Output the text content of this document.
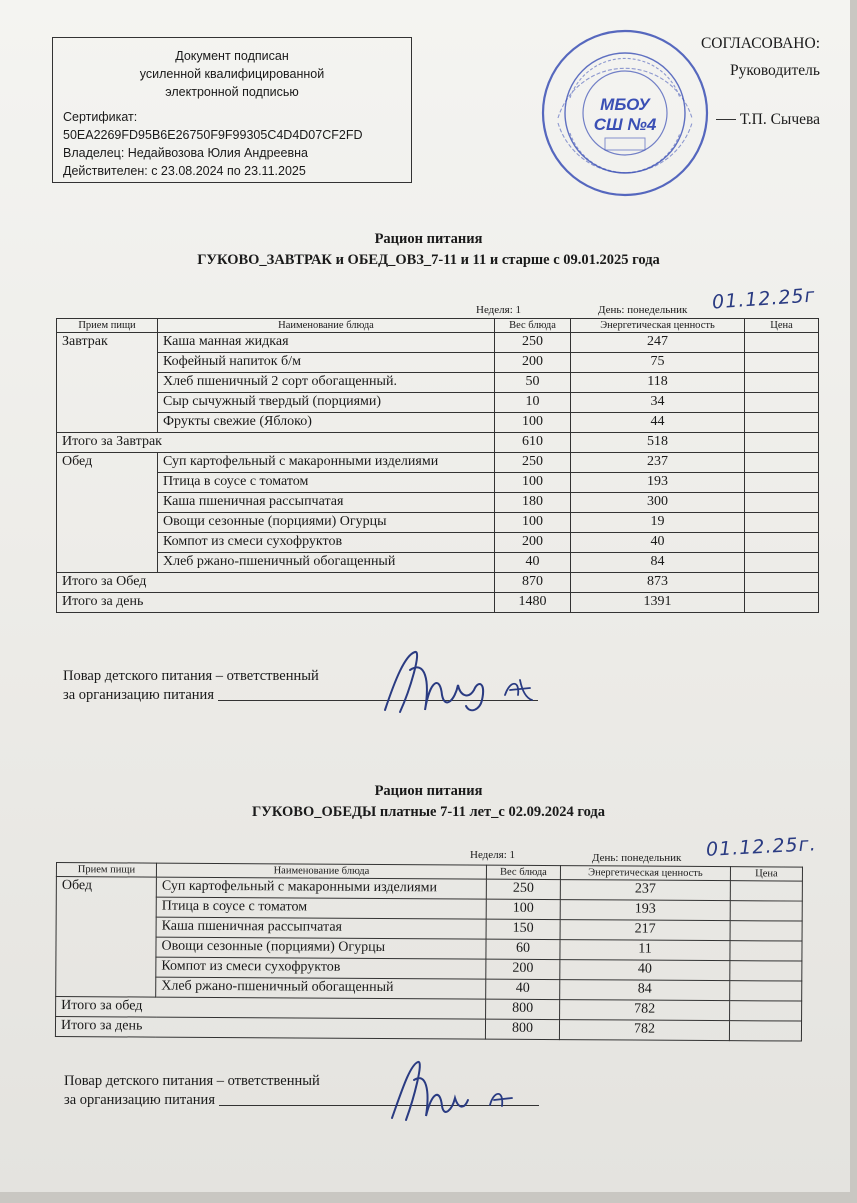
Документ подписан
усиленной квалифицированной
электронной подписью
Сертификат:
50EA2269FD95B6E26750F9F99305C4D4D07CF2FD
Владелец: Недайвозова Юлия Андреевна
Действителен: с 23.08.2024 по 23.11.2025
МБОУ
СШ №4
СОГЛАСОВАНО:
Руководитель
Т.П. Сычева
Рацион питания
ГУКОВО_ЗАВТРАК и ОБЕД_ОВЗ_7-11 и 11 и старше с 09.01.2025 года
Неделя: 1	День: понедельник 01.12.25г
Прием пищи	Наименование блюда	Вес блюда	Энергетическая ценность	Цена
Завтрак	Каша манная жидкая	250	247	
	Кофейный напиток б/м	200	75	
	Хлеб пшеничный 2 сорт обогащенный.	50	118	
	Сыр сычужный твердый (порциями)	10	34	
	Фрукты свежие (Яблоко)	100	44	
Итого за Завтрак		610	518	
Обед	Суп картофельный с макаронными изделиями	250	237	
	Птица в соусе с томатом	100	193	
	Каша пшеничная рассыпчатая	180	300	
	Овощи сезонные (порциями) Огурцы	100	19	
	Компот из смеси сухофруктов	200	40	
	Хлеб ржано-пшеничный обогащенный	40	84	
Итого за Обед		870	873	
Итого за день		1480	1391	
Повар детского питания – ответственный
за организацию питания
Рацион питания
ГУКОВО_ОБЕДЫ платные 7-11 лет_с 02.09.2024 года
Неделя: 1	День: понедельник 01.12.25г.
Прием пищи	Наименование блюда	Вес блюда	Энергетическая ценность	Цена
Обед	Суп картофельный с макаронными изделиями	250	237	
	Птица в соусе с томатом	100	193	
	Каша пшеничная рассыпчатая	150	217	
	Овощи сезонные (порциями) Огурцы	60	11	
	Компот из смеси сухофруктов	200	40	
	Хлеб ржано-пшеничный обогащенный	40	84	
Итого за обед		800	782	
Итого за день		800	782	
Повар детского питания – ответственный
за организацию питания
